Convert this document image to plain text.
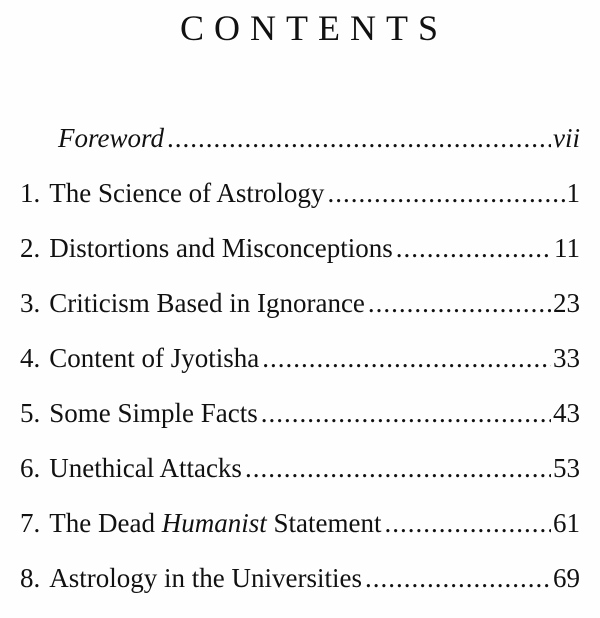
CONTENTS
Foreword .....	vii
1. The Science of Astrology .....	1
2. Distortions and Misconceptions .....	11
3. Criticism Based in Ignorance .....	23
4. Content of Jyotisha .....	33
5. Some Simple Facts .....	43
6. Unethical Attacks .....	53
7. The Dead Humanist Statement .....	61
8. Astrology in the Universities .....	69
